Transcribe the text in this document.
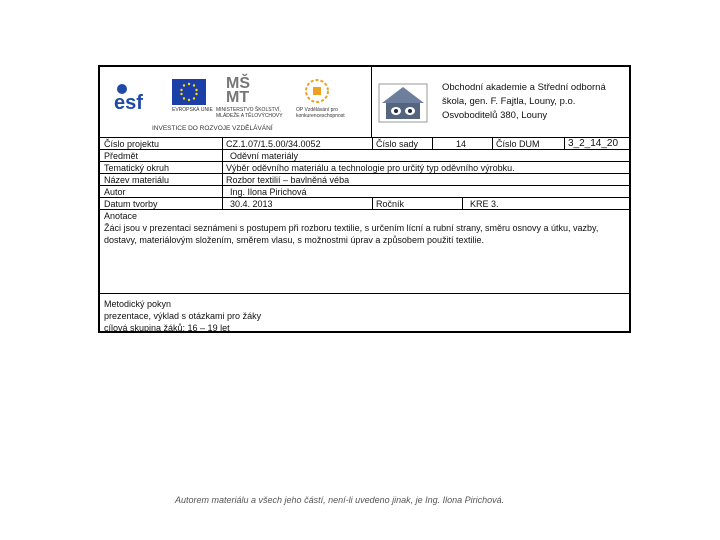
esf	EVROPSKÁ UNIE
MŠ MT
MINISTERSTVO ŠKOLSTVÍ, MLÁDEŽE A TĚLOVÝCHOVY
OP Vzdělávání pro konkurenceschopnost
INVESTICE DO ROZVOJE VZDĚLÁVÁNÍ
Obchodní akademie a Střední odborná
škola, gen. F. Fajtla, Louny, p.o.
Osvoboditelů 380, Louny
Číslo projektu	CZ.1.07/1.5.00/34.0052	Číslo sady	14	Číslo DUM	3_2_14_20
Předmět	Oděvní materiály
Tematický okruh	Výběr oděvního materiálu a technologie pro určitý typ oděvního výrobku.
Název materiálu	Rozbor textilií – bavlněná véba
Autor	Ing. Ilona Pirichová
Datum tvorby	30.4. 2013	Ročník	KRE 3.
Anotace
Žáci jsou v prezentaci seznámeni s postupem při rozboru textilie, s určením lícní a rubní strany, směru osnovy a útku, vazby, dostavy, materiálovým složením, směrem vlasu, s možnostmi úprav a způsobem použití textilie.
Metodický pokyn
prezentace, výklad s otázkami pro žáky
cílová skupina žáků: 16 – 19 let
Autorem materiálu a všech jeho částí, není-li uvedeno jinak, je Ing. Ilona Pirichová.
